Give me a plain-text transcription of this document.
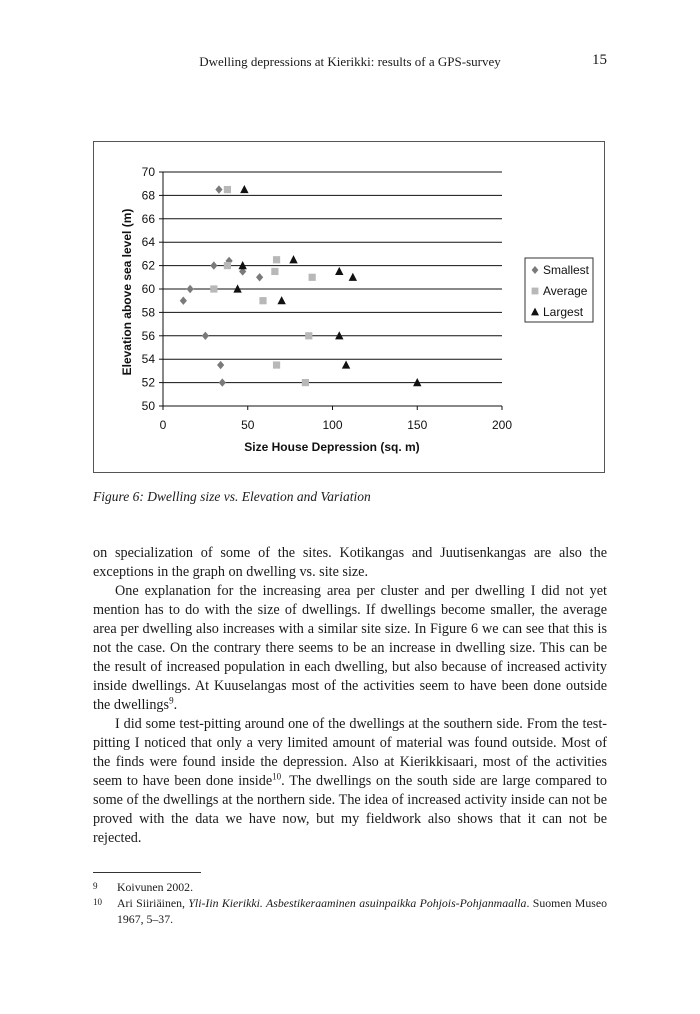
Dwelling depressions at Kierikki: results of a GPS-survey	15
50
52
54
56
58
60
62
64
66
68
70
0	50	100	150	200
Smallest
Average
Largest
Size House Depression (sq. m)
Elevation above sea level (m)
Figure 6: Dwelling size vs. Elevation and Variation

on specialization of some of the sites. Kotikangas and Juutisenkangas are also the exceptions in the graph on dwelling vs. site size.

One explanation for the increasing area per cluster and per dwelling I did not yet mention has to do with the size of dwellings. If dwellings become smaller, the average area per dwelling also increases with a similar site size. In Figure 6 we can see that this is not the case. On the contrary there seems to be an increase in dwelling size. This can be the result of increased population in each dwelling, but also because of increased activity inside dwellings. At Kuuselangas most of the activities seem to have been done outside the dwellings$^9$.

I did some test-pitting around one of the dwellings at the southern side. From the test-pitting I noticed that only a very limited amount of material was found outside. Most of the finds were found inside the depression. Also at Kierikkisaari, most of the activities seem to have been done inside$^{10}$. The dwellings on the south side are large compared to some of the dwellings at the northern side. The idea of increased activity inside can not be proved with the data we have now, but my fieldwork also shows that it can not be rejected.

9 Koivunen 2002.
10 Ari Siiriäinen, Yli-Iin Kierikki. Asbestikeraaminen asuinpaikka Pohjois-Pohjanmaalla. Suomen Museo 1967, 5–37.
